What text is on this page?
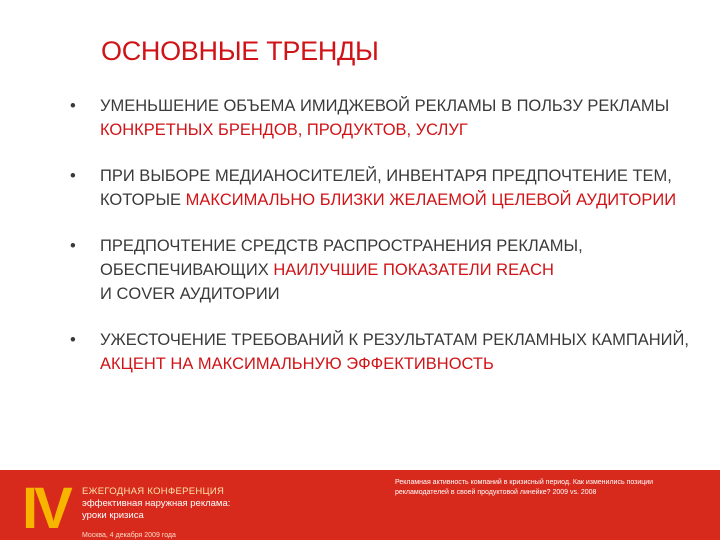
ОСНОВНЫЕ ТРЕНДЫ
• УМЕНЬШЕНИЕ ОБЪЕМА ИМИДЖЕВОЙ РЕКЛАМЫ В ПОЛЬЗУ РЕКЛАМЫ КОНКРЕТНЫХ БРЕНДОВ, ПРОДУКТОВ, УСЛУГ
• ПРИ ВЫБОРЕ МЕДИАНОСИТЕЛЕЙ, ИНВЕНТАРЯ ПРЕДПОЧТЕНИЕ ТЕМ, КОТОРЫЕ МАКСИМАЛЬНО БЛИЗКИ ЖЕЛАЕМОЙ ЦЕЛЕВОЙ АУДИТОРИИ
• ПРЕДПОЧТЕНИЕ СРЕДСТВ РАСПРОСТРАНЕНИЯ РЕКЛАМЫ, ОБЕСПЕЧИВАЮЩИХ НАИЛУЧШИЕ ПОКАЗАТЕЛИ REACH
И COVER АУДИТОРИИ
• УЖЕСТОЧЕНИЕ ТРЕБОВАНИЙ К РЕЗУЛЬТАТАМ РЕКЛАМНЫХ КАМПАНИЙ, АКЦЕНТ НА МАКСИМАЛЬНУЮ ЭФФЕКТИВНОСТЬ
IV ЕЖЕГОДНАЯ КОНФЕРЕНЦИЯ
эффективная наружная реклама:
уроки кризиса
Москва, 4 декабря 2009 года
Рекламная активность компаний в кризисный период. Как изменились позиции рекламодателей в своей продуктовой линейке? 2009 vs. 2008
